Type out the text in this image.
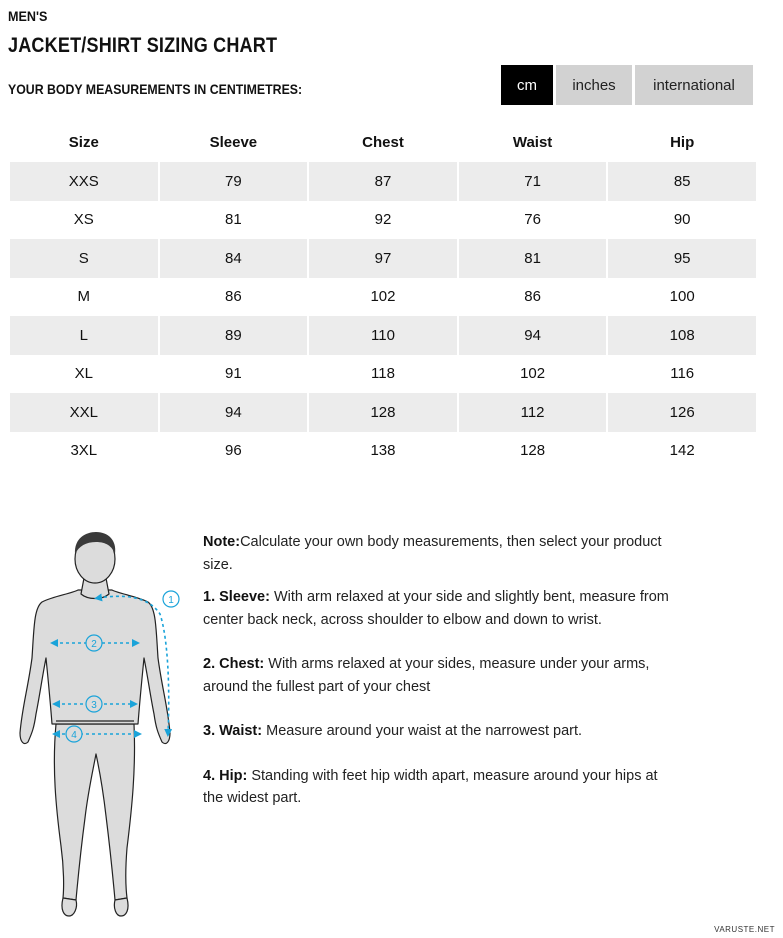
MEN'S
JACKET/SHIRT SIZING CHART
YOUR BODY MEASUREMENTS IN CENTIMETRES:	cm	inches	international
Size	Sleeve	Chest	Waist	Hip
XXS	79	87	71	85
XS	81	92	76	90
S	84	97	81	95
M	86	102	86	100
L	89	110	94	108
XL	91	118	102	116
XXL	94	128	112	126
3XL	96	138	128	142
1
2
3
4

Note:Calculate your own body measurements, then select your product size.

1. Sleeve: With arm relaxed at your side and slightly bent, measure from center back neck, across shoulder to elbow and down to wrist.

2. Chest: With arms relaxed at your sides, measure under your arms, around the fullest part of your chest

3. Waist: Measure around your waist at the narrowest part.

4. Hip: Standing with feet hip width apart, measure around your hips at the widest part.

VARUSTE.NET
